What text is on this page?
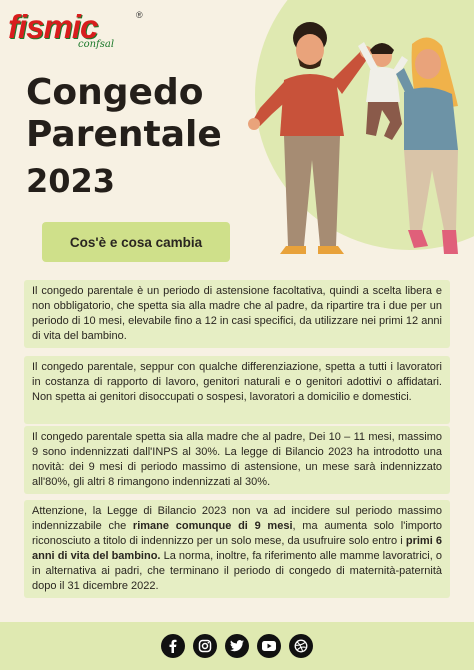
fismic	®
confsal
Congedo
Parentale
2023
Cos'è e cosa cambia

Il congedo parentale è un periodo di astensione facoltativa, quindi a scelta libera e non obbligatorio, che spetta sia alla madre che al padre, da ripartire tra i due per un periodo di 10 mesi, elevabile fino a 12 in casi specifici, da utilizzare nei primi 12 anni di vita del bambino.

Il congedo parentale, seppur con qualche differenziazione, spetta a tutti i lavoratori in costanza di rapporto di lavoro, genitori naturali e o genitori adottivi o affidatari. Non spetta ai genitori disoccupati o sospesi, lavoratori a domicilio e domestici.

Il congedo parentale spetta sia alla madre che al padre, Dei 10 – 11 mesi, massimo 9 sono indennizzati dall'INPS al 30%. La legge di Bilancio 2023 ha introdotto una novità: dei 9 mesi di periodo massimo di astensione, un mese sarà indennizzato all'80%, gli altri 8 rimangono indennizzati al 30%.

Attenzione, la Legge di Bilancio 2023 non va ad incidere sul periodo massimo indennizzabile che rimane comunque di 9 mesi, ma aumenta solo l'importo riconosciuto a titolo di indennizzo per un solo mese, da usufruire solo entro i primi 6 anni di vita del bambino. La norma, inoltre, fa riferimento alle mamme lavoratrici, o in alternativa ai padri, che terminano il periodo di congedo di maternità-paternità dopo il 31 dicembre 2022.
